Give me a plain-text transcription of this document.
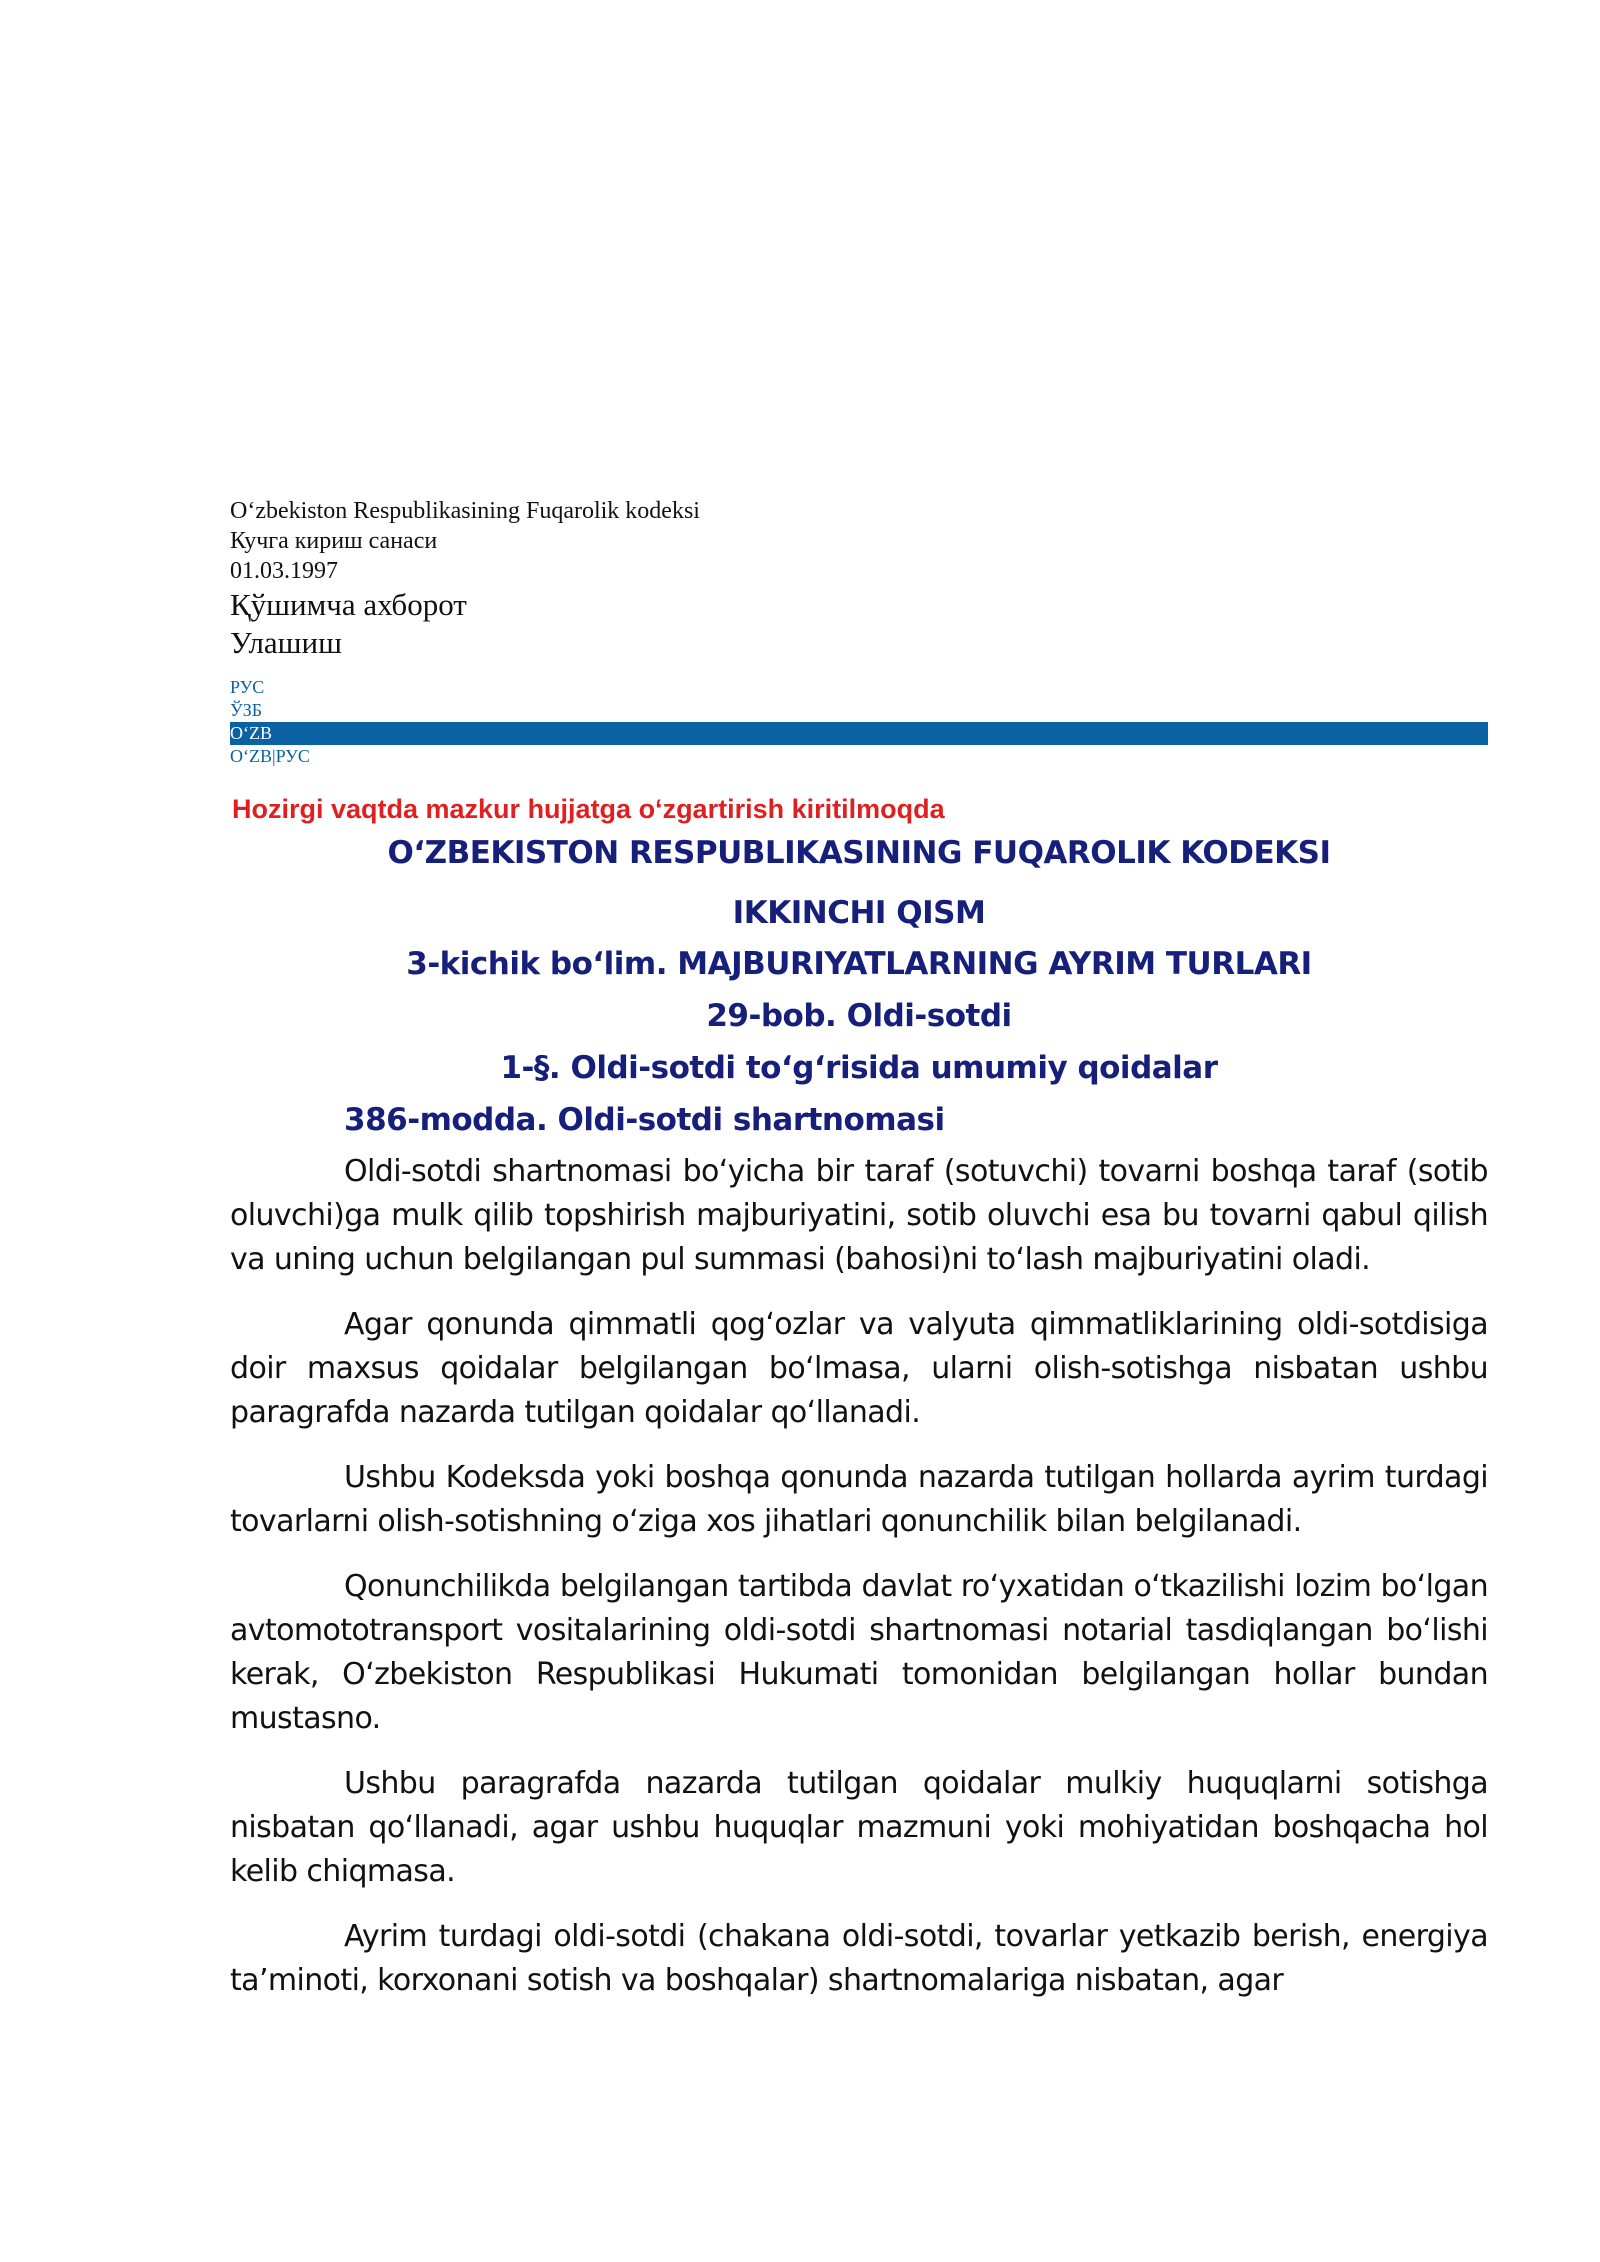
O‘zbekiston Respublikasining Fuqarolik kodeksi
Кучга кириш санаси
01.03.1997
Қўшимча ахборот
Улашиш
РУС
ЎЗБ
O‘ZB
O‘ZB|РУС
Hozirgi vaqtda mazkur hujjatga o‘zgartirish kiritilmoqda
O‘ZBEKISTON RESPUBLIKASINING FUQAROLIK KODEKSI
IKKINCHI QISM
3-kichik bo‘lim. MAJBURIYATLARNING AYRIM TURLARI
29-bob. Oldi-sotdi
1-§. Oldi-sotdi to‘g‘risida umumiy qoidalar
386-modda. Oldi-sotdi shartnomasi

Oldi-sotdi shartnomasi bo‘yicha bir taraf (sotuvchi) tovarni boshqa taraf (sotib oluvchi)ga mulk qilib topshirish majburiyatini, sotib oluvchi esa bu tovarni qabul qilish va uning uchun belgilangan pul summasi (bahosi)ni to‘lash majburiyatini oladi.

Agar qonunda qimmatli qog‘ozlar va valyuta qimmatliklarining oldi-sotdisiga doir maxsus qoidalar belgilangan bo‘lmasa, ularni olish-sotishga nisbatan ushbu paragrafda nazarda tutilgan qoidalar qo‘llanadi.

Ushbu Kodeksda yoki boshqa qonunda nazarda tutilgan hollarda ayrim turdagi tovarlarni olish-sotishning o‘ziga xos jihatlari qonunchilik bilan belgilanadi.

Qonunchilikda belgilangan tartibda davlat ro‘yxatidan o‘tkazilishi lozim bo‘lgan avtomototransport vositalarining oldi-sotdi shartnomasi notarial tasdiqlangan bo‘lishi kerak, O‘zbekiston Respublikasi Hukumati tomonidan belgilangan hollar bundan mustasno.

Ushbu paragrafda nazarda tutilgan qoidalar mulkiy huquqlarni sotishga nisbatan qo‘llanadi, agar ushbu huquqlar mazmuni yoki mohiyatidan boshqacha hol kelib chiqmasa.

Ayrim turdagi oldi-sotdi (chakana oldi-sotdi, tovarlar yetkazib berish, energiya ta’minoti, korxonani sotish va boshqalar) shartnomalariga nisbatan, agar
